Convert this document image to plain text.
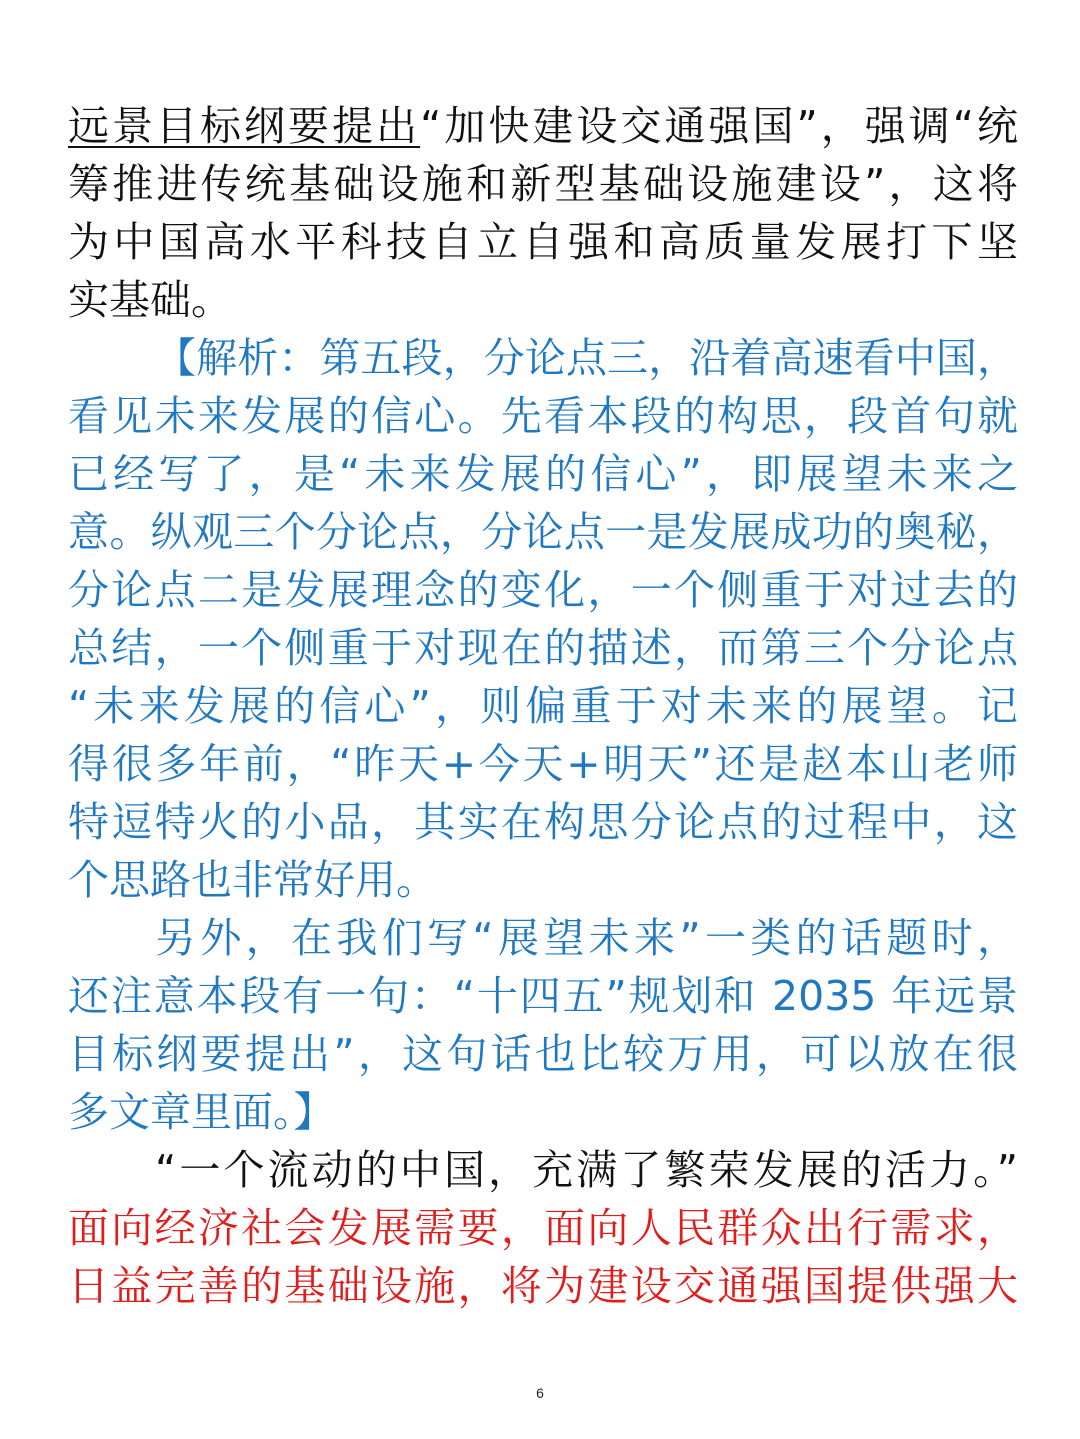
远景目标纲要提出“加快建设交通强国”，强调“统
筹推进传统基础设施和新型基础设施建设”，这将
为中国高水平科技自立自强和高质量发展打下坚
实基础。
【解析：第五段，分论点三，沿着高速看中国，
看见未来发展的信心。先看本段的构思，段首句就
已经写了，是“未来发展的信心”，即展望未来之
意。纵观三个分论点，分论点一是发展成功的奥秘，
分论点二是发展理念的变化，一个侧重于对过去的
总结，一个侧重于对现在的描述，而第三个分论点
“未来发展的信心”，则偏重于对未来的展望。记
得很多年前，“昨天+今天+明天”还是赵本山老师
特逗特火的小品，其实在构思分论点的过程中，这
个思路也非常好用。
另外，在我们写“展望未来”一类的话题时，
还注意本段有一句：“十四五”规划和 2035 年远景
目标纲要提出”，这句话也比较万用，可以放在很
多文章里面。】
“一个流动的中国，充满了繁荣发展的活力。”
面向经济社会发展需要，面向人民群众出行需求，
日益完善的基础设施，将为建设交通强国提供强大
6
